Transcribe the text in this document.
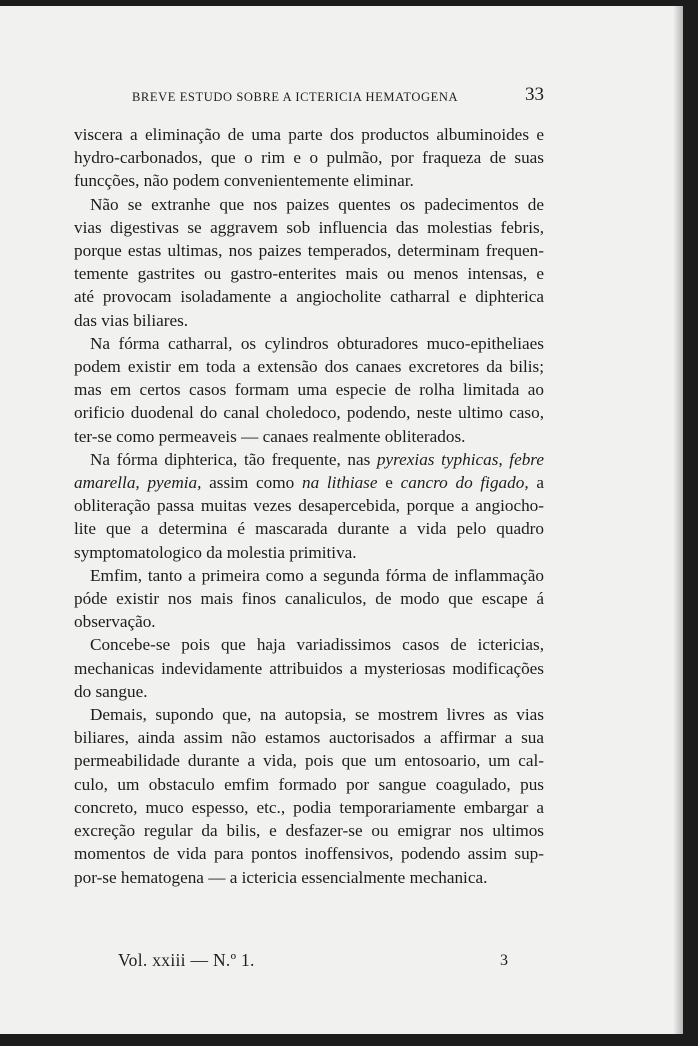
BREVE ESTUDO SOBRE A ICTERICIA HEMATOGENA	33
viscera a eliminação de uma parte dos productos albuminoides e
hydro-carbonados, que o rim e o pulmão, por fraqueza de suas
funcções, não podem convenientemente eliminar.
Não se extranhe que nos paizes quentes os padecimentos de
vias digestivas se aggravem sob influencia das molestias febris,
porque estas ultimas, nos paizes temperados, determinam frequen-
temente gastrites ou gastro-enterites mais ou menos intensas, e
até provocam isoladamente a angiocholite catharral e diphterica
das vias biliares.
Na fórma catharral, os cylindros obturadores muco-epitheliaes
podem existir em toda a extensão dos canaes excretores da bilis;
mas em certos casos formam uma especie de rolha limitada ao
orificio duodenal do canal choledoco, podendo, neste ultimo caso,
ter-se como permeaveis — canaes realmente obliterados.
Na fórma diphterica, tão frequente, nas pyrexias typhicas, febre
amarella, pyemia, assim como na lithiase e cancro do figado, a
obliteração passa muitas vezes desapercebida, porque a angiochо-
lite que a determina é mascarada durante a vida pelo quadro
symptomatologico da molestia primitiva.
Emfim, tanto a primeira como a segunda fórma de inflammação
póde existir nos mais finos canaliculos, de modo que escape á
observação.
Concebe-se pois que haja variadissimos casos de ictericias,
mechanicas indevidamente attribuidos a mysteriosas modificações
do sangue.
Demais, supondo que, na autopsia, se mostrem livres as vias
biliares, ainda assim não estamos auctorisados a affirmar a sua
permeabilidade durante a vida, pois que um entosoario, um cal-
culo, um obstaculo emfim formado por sangue coagulado, pus
concreto, muco espesso, etc., podia temporariamente embargar a
excreção regular da bilis, e desfazer-se ou emigrar nos ultimos
momentos de vida para pontos inoffensivos, podendo assim sup-
por-se hematogena — a ictericia essencialmente mechanica.
Vol. xxiii — N.º 1.	3
